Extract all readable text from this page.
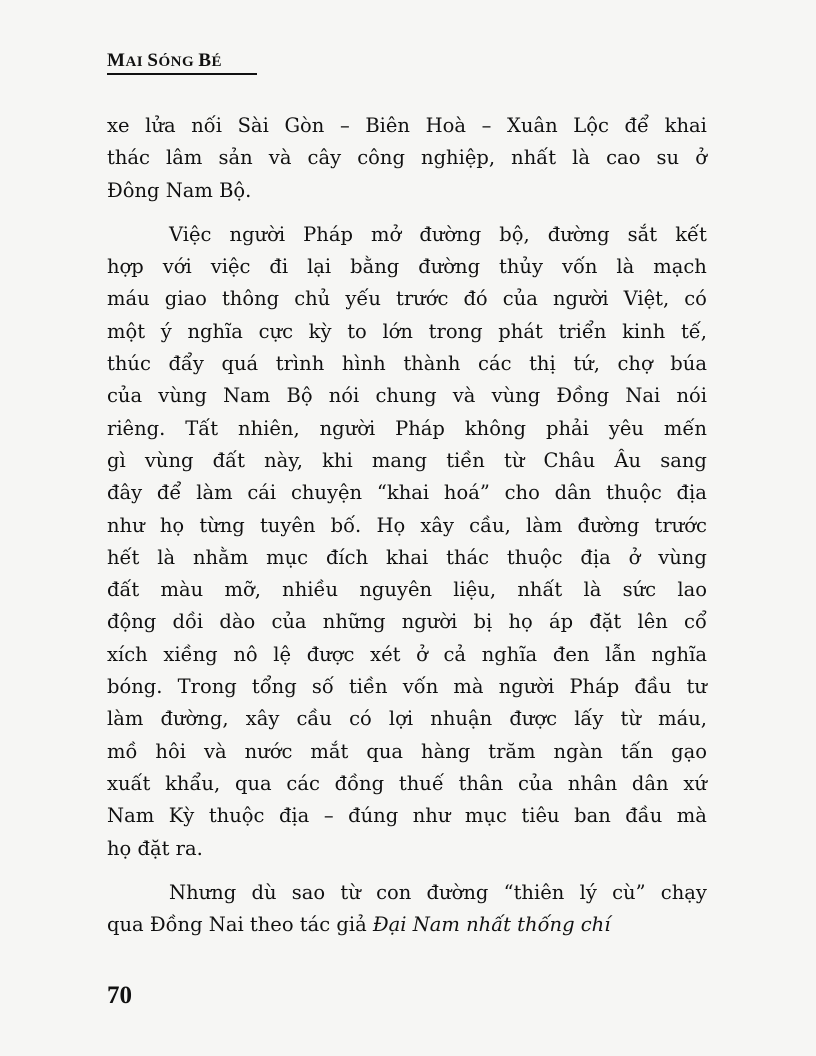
MAI SÓNG BÉ
xe lửa nối Sài Gòn – Biên Hoà – Xuân Lộc để khai
thác lâm sản và cây công nghiệp, nhất là cao su ở
Đông Nam Bộ.
Việc người Pháp mở đường bộ, đường sắt kết
hợp với việc đi lại bằng đường thủy vốn là mạch
máu giao thông chủ yếu trước đó của người Việt, có
một ý nghĩa cực kỳ to lớn trong phát triển kinh tế,
thúc đẩy quá trình hình thành các thị tứ, chợ búa
của vùng Nam Bộ nói chung và vùng Đồng Nai nói
riêng. Tất nhiên, người Pháp không phải yêu mến
gì vùng đất này, khi mang tiền từ Châu Âu sang
đây để làm cái chuyện “khai hoá” cho dân thuộc địa
như họ từng tuyên bố. Họ xây cầu, làm đường trước
hết là nhằm mục đích khai thác thuộc địa ở vùng
đất màu mỡ, nhiều nguyên liệu, nhất là sức lao
động dồi dào của những người bị họ áp đặt lên cổ
xích xiềng nô lệ được xét ở cả nghĩa đen lẫn nghĩa
bóng. Trong tổng số tiền vốn mà người Pháp đầu tư
làm đường, xây cầu có lợi nhuận được lấy từ máu,
mồ hôi và nước mắt qua hàng trăm ngàn tấn gạo
xuất khẩu, qua các đồng thuế thân của nhân dân xứ
Nam Kỳ thuộc địa – đúng như mục tiêu ban đầu mà
họ đặt ra.
Nhưng dù sao từ con đường “thiên lý cù” chạy
qua Đồng Nai theo tác giả Đại Nam nhất thống chí
70
